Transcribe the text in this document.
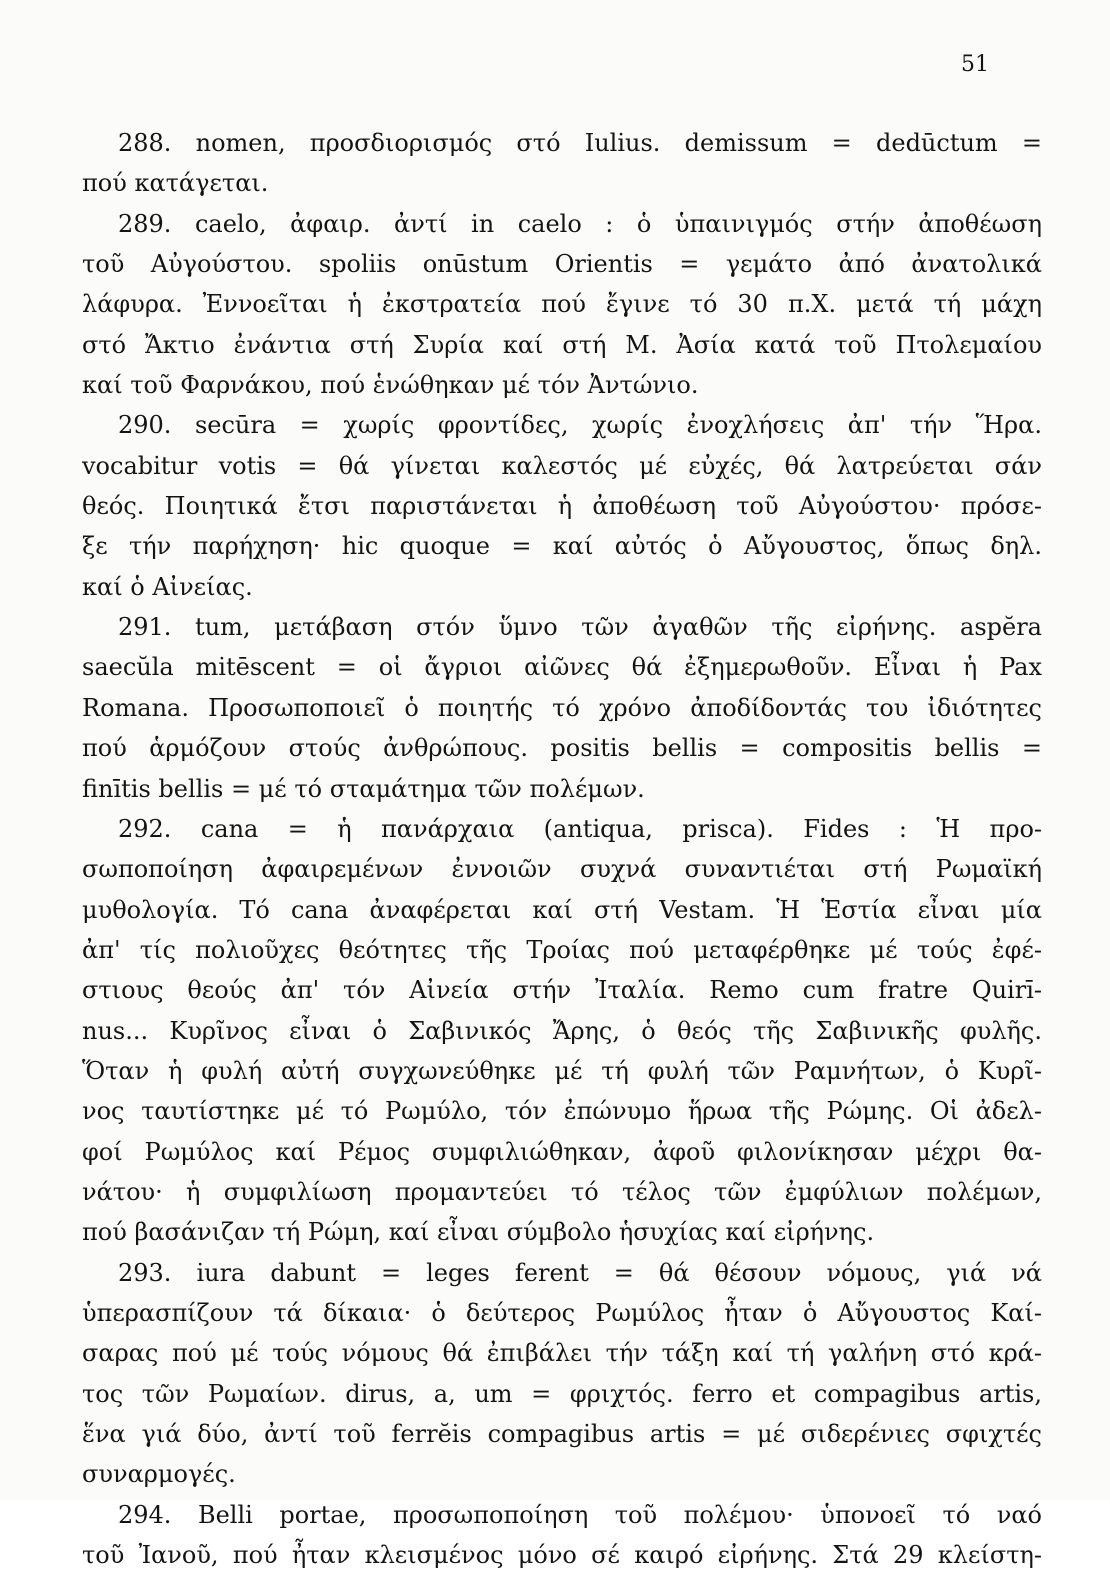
51
288. nomen, προσδιορισμός στό Iulius. demissum = dedūctum =
πού κατάγεται.
289. caelo, ἀφαιρ. ἀντί in caelo : ὁ ὑπαινιγμός στήν ἀποθέωση
τοῦ Αὐγούστου. spoliis onūstum Orientis = γεμάτο ἀπό ἀνατολικά
λάφυρα. Ἐννοεῖται ἡ ἐκστρατεία πού ἔγινε τό 30 π.Χ. μετά τή μάχη
στό Ἄκτιο ἐνάντια στή Συρία καί στή Μ. Ἀσία κατά τοῦ Πτολεμαίου
καί τοῦ Φαρνάκου, πού ἑνώθηκαν μέ τόν Ἀντώνιο.
290. secūra = χωρίς φροντίδες, χωρίς ἐνοχλήσεις ἀπ' τήν Ἥρα.
vocabitur votis = θά γίνεται καλεστός μέ εὐχές, θά λατρεύεται σάν
θεός. Ποιητικά ἔτσι παριστάνεται ἡ ἀποθέωση τοῦ Αὐγούστου· πρόσε-
ξε τήν παρήχηση· hic quoque = καί αὐτός ὁ Αὔγουστος, ὅπως δηλ.
καί ὁ Αἰνείας.
291. tum, μετάβαση στόν ὕμνο τῶν ἀγαθῶν τῆς εἰρήνης. aspĕra
saecŭla mitēscent = οἱ ἄγριοι αἰῶνες θά ἐξημερωθοῦν. Εἶναι ἡ Pax
Romana. Προσωποποιεῖ ὁ ποιητής τό χρόνο ἀποδίδοντάς του ἰδιότητες
πού ἁρμόζουν στούς ἀνθρώπους. positis bellis = compositis bellis =
finītis bellis = μέ τό σταμάτημα τῶν πολέμων.
292. cana = ἡ πανάρχαια (antiqua, prisca). Fides : Ἡ προ-
σωποποίηση ἀφαιρεμένων ἐννοιῶν συχνά συναντιέται στή Ρωμαϊκή
μυθολογία. Τό cana ἀναφέρεται καί στή Vestam. Ἡ Ἑστία εἶναι μία
ἀπ' τίς πολιοῦχες θεότητες τῆς Τροίας πού μεταφέρθηκε μέ τούς ἐφέ-
στιους θεούς ἀπ' τόν Αἰνεία στήν Ἰταλία. Remo cum fratre Quirī-
nus... Κυρῖνος εἶναι ὁ Σαβινικός Ἄρης, ὁ θεός τῆς Σαβινικῆς φυλῆς.
Ὅταν ἡ φυλή αὐτή συγχωνεύθηκε μέ τή φυλή τῶν Ραμνήτων, ὁ Κυρῖ-
νος ταυτίστηκε μέ τό Ρωμύλο, τόν ἐπώνυμο ἥρωα τῆς Ρώμης. Οἱ ἀδελ-
φοί Ρωμύλος καί Ρέμος συμφιλιώθηκαν, ἀφοῦ φιλονίκησαν μέχρι θα-
νάτου· ἡ συμφιλίωση προμαντεύει τό τέλος τῶν ἐμφύλιων πολέμων,
πού βασάνιζαν τή Ρώμη, καί εἶναι σύμβολο ἡσυχίας καί εἰρήνης.
293. iura dabunt = leges ferent = θά θέσουν νόμους, γιά νά
ὑπερασπίζουν τά δίκαια· ὁ δεύτερος Ρωμύλος ἦταν ὁ Αὔγουστος Καί-
σαρας πού μέ τούς νόμους θά ἐπιβάλει τήν τάξη καί τή γαλήνη στό κρά-
τος τῶν Ρωμαίων. dirus, a, um = φριχτός. ferro et compagibus artis,
ἕνα γιά δύο, ἀντί τοῦ ferrĕis compagibus artis = μέ σιδερένιες σφιχτές
συναρμογές.
294. Belli portae, προσωποποίηση τοῦ πολέμου· ὑπονοεῖ τό ναό
τοῦ Ἰανοῦ, πού ἦταν κλεισμένος μόνο σέ καιρό εἰρήνης. Στά 29 κλείστη-
